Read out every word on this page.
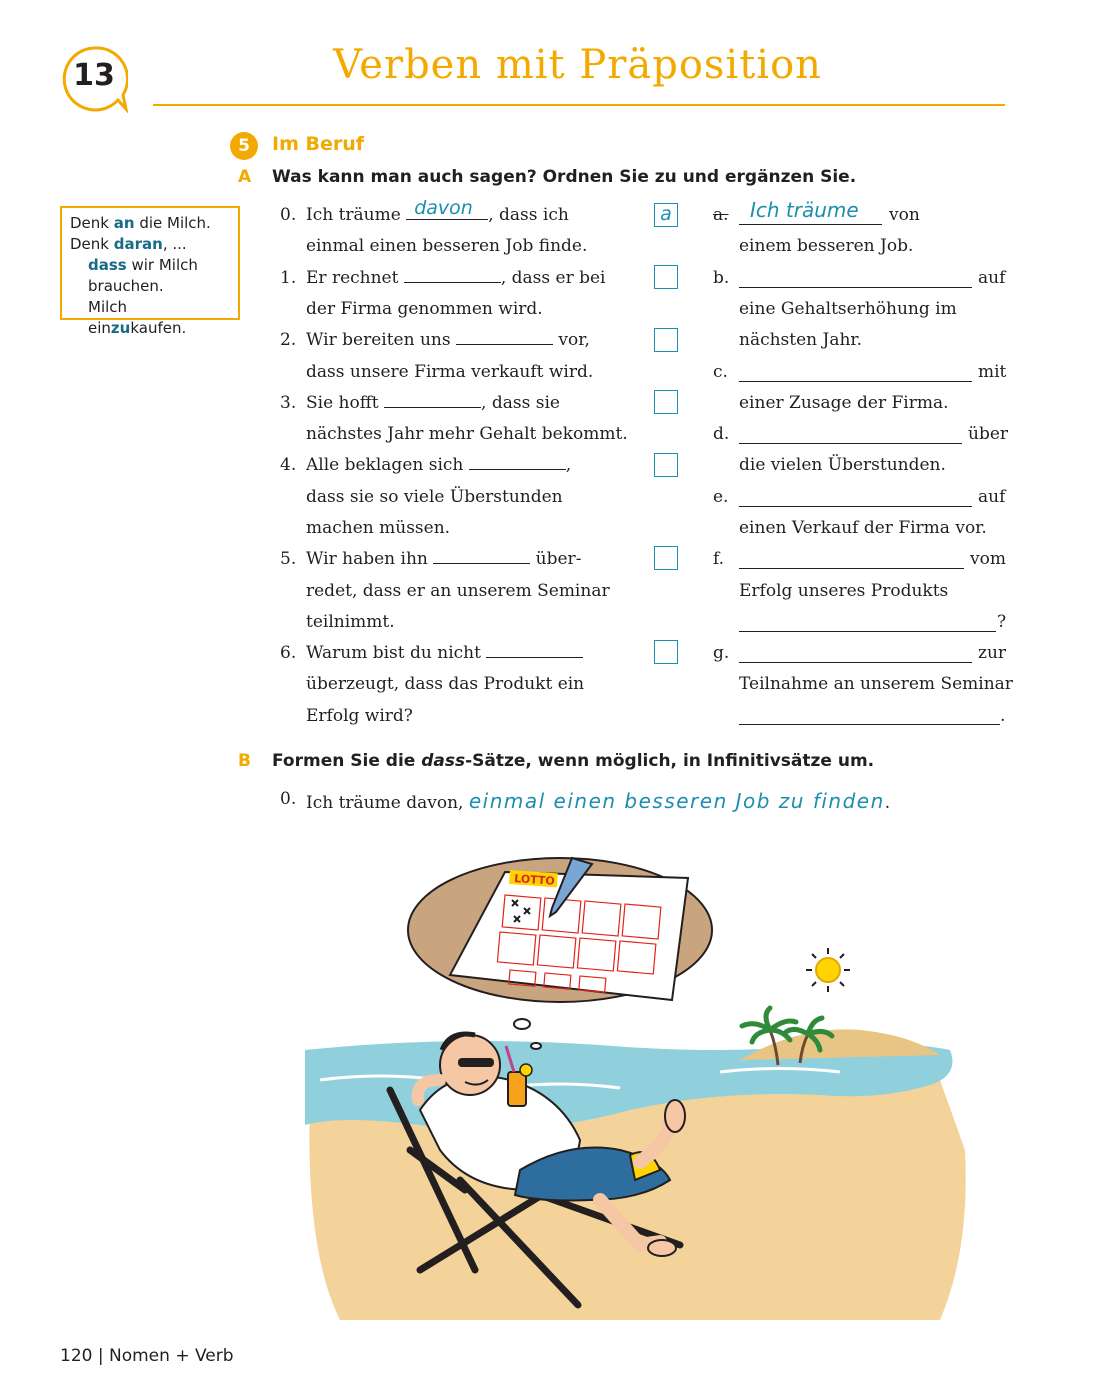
13	Verben mit Präposition
5	Im Beruf
A Was kann man auch sagen? Ordnen Sie zu und ergänzen Sie.
Denk an die Milch.
Denk daran, ...
dass wir Milch
brauchen.
Milch einzukaufen.
0. Ich träume davon , dass ich
einmal einen besseren Job finde.
1. Er rechnet	, dass er bei
der Firma genommen wird.
2. Wir bereiten uns	vor,
dass unsere Firma verkauft wird.
3. Sie hofft	, dass sie
nächstes Jahr mehr Gehalt bekommt.
4. Alle beklagen sich	,
dass sie so viele Überstunden
machen müssen.
5. Wir haben ihn	über-
redet, dass er an unserem Seminar
teilnimmt.
6. Warum bist du nicht
überzeugt, dass das Produkt ein
Erfolg wird?
a	a. Ich träume von
einem besseren Job.
b.	auf
eine Gehaltserhöhung im
nächsten Jahr.
c.	mit
einer Zusage der Firma.
d.	über
die vielen Überstunden.
e.	auf
einen Verkauf der Firma vor.
f.	vom
Erfolg unseres Produkts
?
g.	zur
Teilnahme an unserem Seminar
.
B Formen Sie die dass-Sätze, wenn möglich, in Infinitivsätze um.
0. Ich träume davon, einmal einen besseren Job zu finden.
LOTTO
120 | Nomen + Verb
